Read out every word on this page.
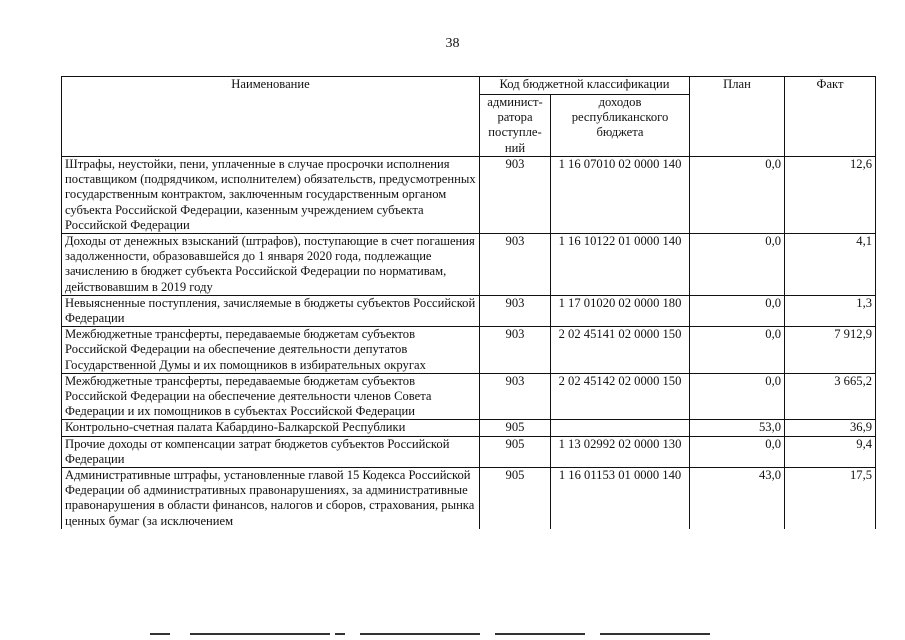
38
Наименование	Код бюджетной классификации		План	Факт
	админист-
ратора
поступле-
ний	доходов
республиканского
бюджета		
Штрафы, неустойки, пени, уплаченные в случае просрочки исполнения поставщиком (подрядчиком, исполнителем) обязательств, предусмотренных государственным контрактом, заключенным государственным органом субъекта Российской Федерации, казенным учреждением субъекта Российской Федерации	903	1 16 07010 02 0000 140	0,0	12,6
Доходы от денежных взысканий (штрафов), поступающие в счет погашения задолженности, образовавшейся до 1 января 2020 года, подлежащие зачислению в бюджет субъекта Российской Федерации по нормативам, действовавшим в 2019 году	903	1 16 10122 01 0000 140	0,0	4,1
Невыясненные поступления, зачисляемые в бюджеты субъектов Российской Федерации	903	1 17 01020 02 0000 180	0,0	1,3
Межбюджетные трансферты, передаваемые бюджетам субъектов Российской Федерации на обеспечение деятельности депутатов Государственной Думы и их помощников в избирательных округах	903	2 02 45141 02 0000 150	0,0	7 912,9
Межбюджетные трансферты, передаваемые бюджетам субъектов Российской Федерации на обеспечение деятельности членов Совета Федерации и их помощников в субъектах Российской Федерации	903	2 02 45142 02 0000 150	0,0	3 665,2
Контрольно-счетная палата Кабардино-Балкарской Республики	905		53,0	36,9
Прочие доходы от компенсации затрат бюджетов субъектов Российской Федерации	905	1 13 02992 02 0000 130	0,0	9,4
Административные штрафы, установленные главой 15 Кодекса Российской Федерации об административных правонарушениях, за административные правонарушения в области финансов, налогов и сборов, страхования, рынка ценных бумаг (за исключением	905	1 16 01153 01 0000 140	43,0	17,5
